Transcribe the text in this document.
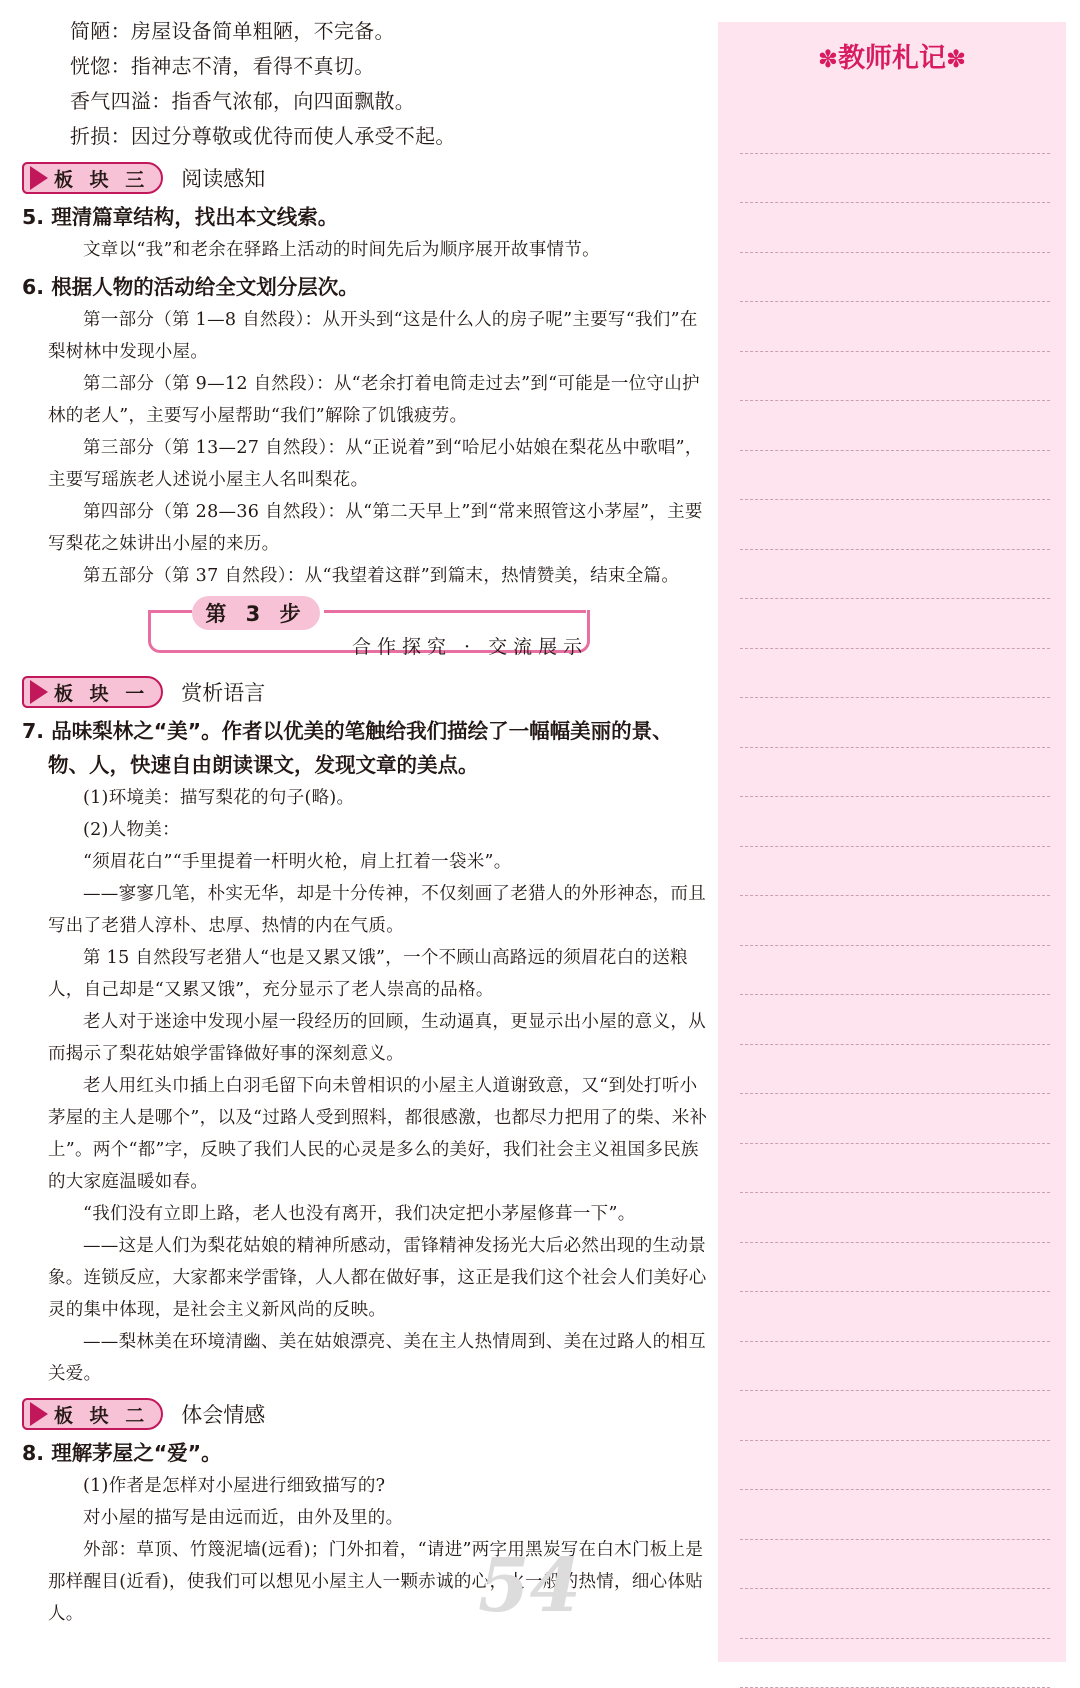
简陋：房屋设备简单粗陋，不完备。
恍惚：指神志不清，看得不真切。
香气四溢：指香气浓郁，向四面飘散。
折损：因过分尊敬或优待而使人承受不起。
板 块 三 阅读感知
5. 理清篇章结构，找出本文线索。
文章以“我”和老余在驿路上活动的时间先后为顺序展开故事情节。
6. 根据人物的活动给全文划分层次。
第一部分（第 1—8 自然段）：从开头到“这是什么人的房子呢”主要写“我们”在梨树林中发现小屋。
第二部分（第 9—12 自然段）：从“老余打着电筒走过去”到“可能是一位守山护林的老人”，主要写小屋帮助“我们”解除了饥饿疲劳。
第三部分（第 13—27 自然段）：从“正说着”到“哈尼小姑娘在梨花丛中歌唱”，主要写瑶族老人述说小屋主人名叫梨花。
第四部分（第 28—36 自然段）：从“第二天早上”到“常来照管这小茅屋”，主要写梨花之妹讲出小屋的来历。
第五部分（第 37 自然段）：从“我望着这群”到篇末，热情赞美，结束全篇。
第 3 步
合作探究 · 交流展示
板 块 一 赏析语言
7. 品味梨林之“美”。作者以优美的笔触给我们描绘了一幅幅美丽的景、物、人，快速自由朗读课文，发现文章的美点。
(1)环境美：描写梨花的句子(略)。
(2)人物美：
“须眉花白”“手里提着一杆明火枪，肩上扛着一袋米”。
——寥寥几笔，朴实无华，却是十分传神，不仅刻画了老猎人的外形神态，而且写出了老猎人淳朴、忠厚、热情的内在气质。
第 15 自然段写老猎人“也是又累又饿”，一个不顾山高路远的须眉花白的送粮人，自己却是“又累又饿”，充分显示了老人崇高的品格。
老人对于迷途中发现小屋一段经历的回顾，生动逼真，更显示出小屋的意义，从而揭示了梨花姑娘学雷锋做好事的深刻意义。
老人用红头巾插上白羽毛留下向未曾相识的小屋主人道谢致意，又“到处打听小茅屋的主人是哪个”，以及“过路人受到照料，都很感激，也都尽力把用了的柴、米补上”。两个“都”字，反映了我们人民的心灵是多么的美好，我们社会主义祖国多民族的大家庭温暖如春。
“我们没有立即上路，老人也没有离开，我们决定把小茅屋修葺一下”。
——这是人们为梨花姑娘的精神所感动，雷锋精神发扬光大后必然出现的生动景象。连锁反应，大家都来学雷锋，人人都在做好事，这正是我们这个社会人们美好心灵的集中体现，是社会主义新风尚的反映。
——梨林美在环境清幽、美在姑娘漂亮、美在主人热情周到、美在过路人的相互关爱。
板 块 二 体会情感
8. 理解茅屋之“爱”。
(1)作者是怎样对小屋进行细致描写的?
对小屋的描写是由远而近，由外及里的。
外部：草顶、竹篾泥墙(远看)；门外扣着，“请进”两字用黑炭写在白木门板上是那样醒目(近看)，使我们可以想见小屋主人一颗赤诚的心，火一般的热情，细心体贴人。	54
✽教师札记✽
